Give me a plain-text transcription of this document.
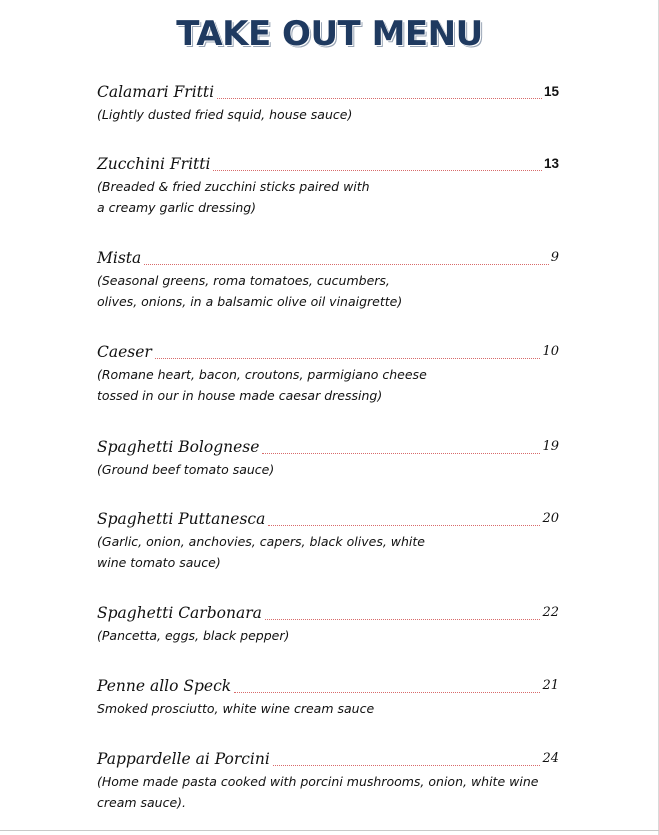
TAKE OUT MENU
Calamari Fritti	15
(Lightly dusted fried squid, house sauce)
Zucchini Fritti	13
(Breaded & fried zucchini sticks paired with
a creamy garlic dressing)
Mista	9
(Seasonal greens, roma tomatoes, cucumbers,
olives, onions, in a balsamic olive oil vinaigrette)
Caeser	10
(Romane heart, bacon, croutons, parmigiano cheese
tossed in our in house made caesar dressing)
Spaghetti Bolognese	19
(Ground beef tomato sauce)
Spaghetti Puttanesca	20
(Garlic, onion, anchovies, capers, black olives, white
wine tomato sauce)
Spaghetti Carbonara	22
(Pancetta, eggs, black pepper)
Penne allo Speck	21
Smoked prosciutto, white wine cream sauce
Pappardelle ai Porcini	24
(Home made pasta cooked with porcini mushrooms, onion, white wine
cream sauce).
